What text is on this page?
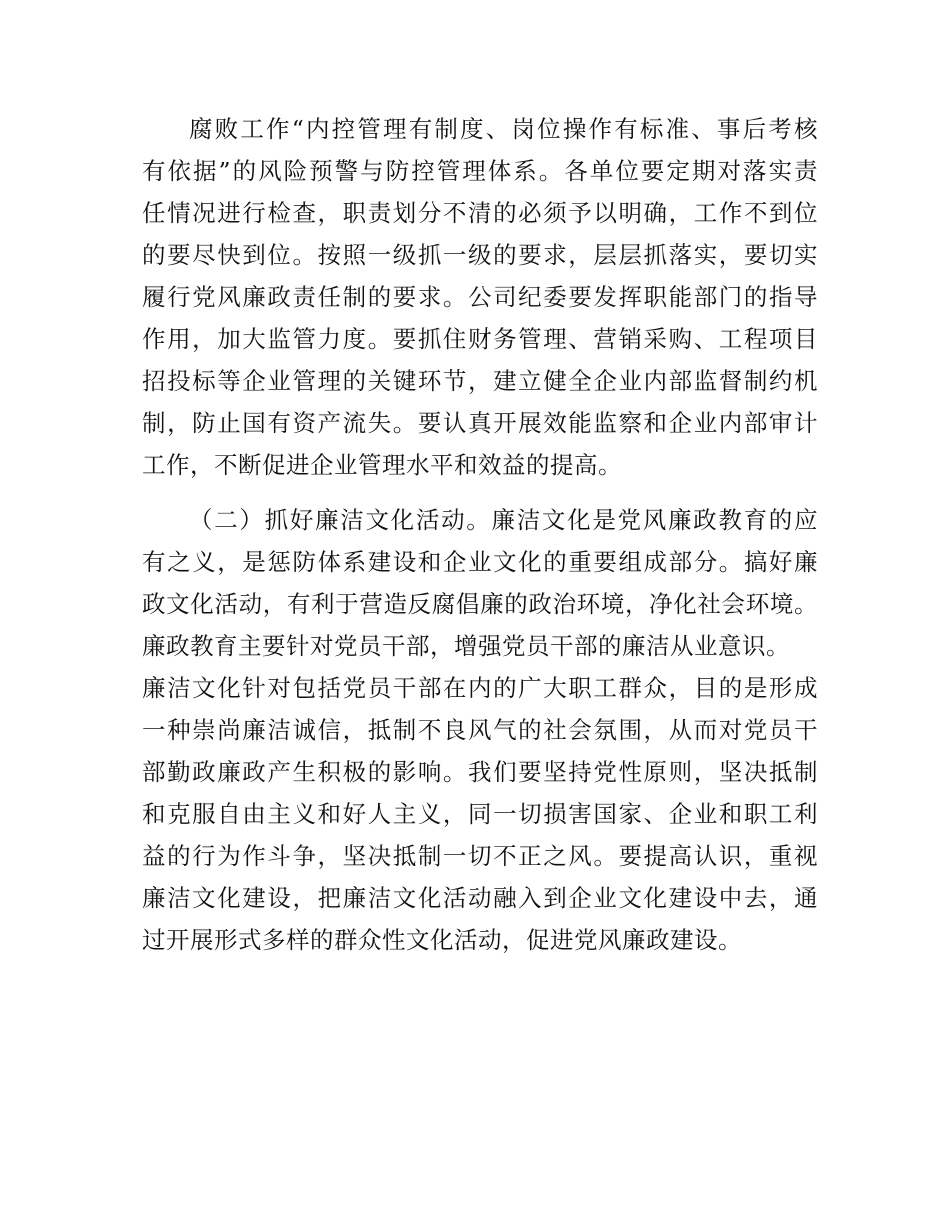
腐败工作“内控管理有制度、岗位操作有标准、事后考核
有依据”的风险预警与防控管理体系。各单位要定期对落实责
任情况进行检查，职责划分不清的必须予以明确，工作不到位
的要尽快到位。按照一级抓一级的要求，层层抓落实，要切实
履行党风廉政责任制的要求。公司纪委要发挥职能部门的指导
作用，加大监管力度。要抓住财务管理、营销采购、工程项目
招投标等企业管理的关键环节，建立健全企业内部监督制约机
制，防止国有资产流失。要认真开展效能监察和企业内部审计
工作，不断促进企业管理水平和效益的提高。
（二）抓好廉洁文化活动。廉洁文化是党风廉政教育的应
有之义，是惩防体系建设和企业文化的重要组成部分。搞好廉
政文化活动，有利于营造反腐倡廉的政治环境，净化社会环境。
廉政教育主要针对党员干部，增强党员干部的廉洁从业意识。
廉洁文化针对包括党员干部在内的广大职工群众，目的是形成
一种崇尚廉洁诚信，抵制不良风气的社会氛围，从而对党员干
部勤政廉政产生积极的影响。我们要坚持党性原则，坚决抵制
和克服自由主义和好人主义，同一切损害国家、企业和职工利
益的行为作斗争，坚决抵制一切不正之风。要提高认识，重视
廉洁文化建设，把廉洁文化活动融入到企业文化建设中去，通
过开展形式多样的群众性文化活动，促进党风廉政建设。
